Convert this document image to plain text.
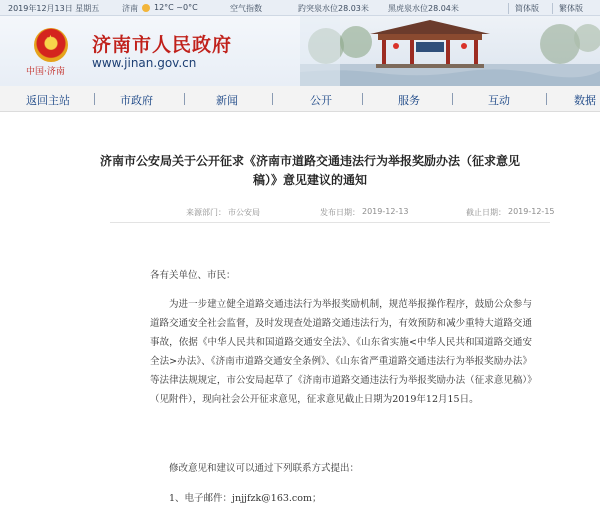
2019年12月13日 星期五	济南 12°C ~0°C	空气指数	趵突泉水位28.03米 黑虎泉水位28.04米	简体版	繁体版
★
中国·济南
济南市人民政府
www.jinan.gov.cn
返回主站	市政府	新闻	公开	服务	互动	数据
济南市公安局关于公开征求《济南市道路交通违法行为举报奖励办法（征求意见稿）》意见建议的通知
来源部门： 市公安局	发布日期： 2019-12-13	截止日期： 2019-12-15
各有关单位、市民：
为进一步建立健全道路交通违法行为举报奖励机制，规范举报操作程序，鼓励公众参与道路交通安全社会监督，及时发现查处道路交通违法行为，有效预防和减少重特大道路交通事故，依据《中华人民共和国道路交通安全法》、《山东省实施<中华人民共和国道路交通安全法>办法》、《济南市道路交通安全条例》、《山东省严重道路交通违法行为举报奖励办法》等法律法规规定，市公安局起草了《济南市道路交通违法行为举报奖励办法（征求意见稿）》（见附件），现向社会公开征求意见，征求意见截止日期为2019年12月15日。
修改意见和建议可以通过下列联系方式提出：
1、电子邮件：jnjjfzk@163.com；
